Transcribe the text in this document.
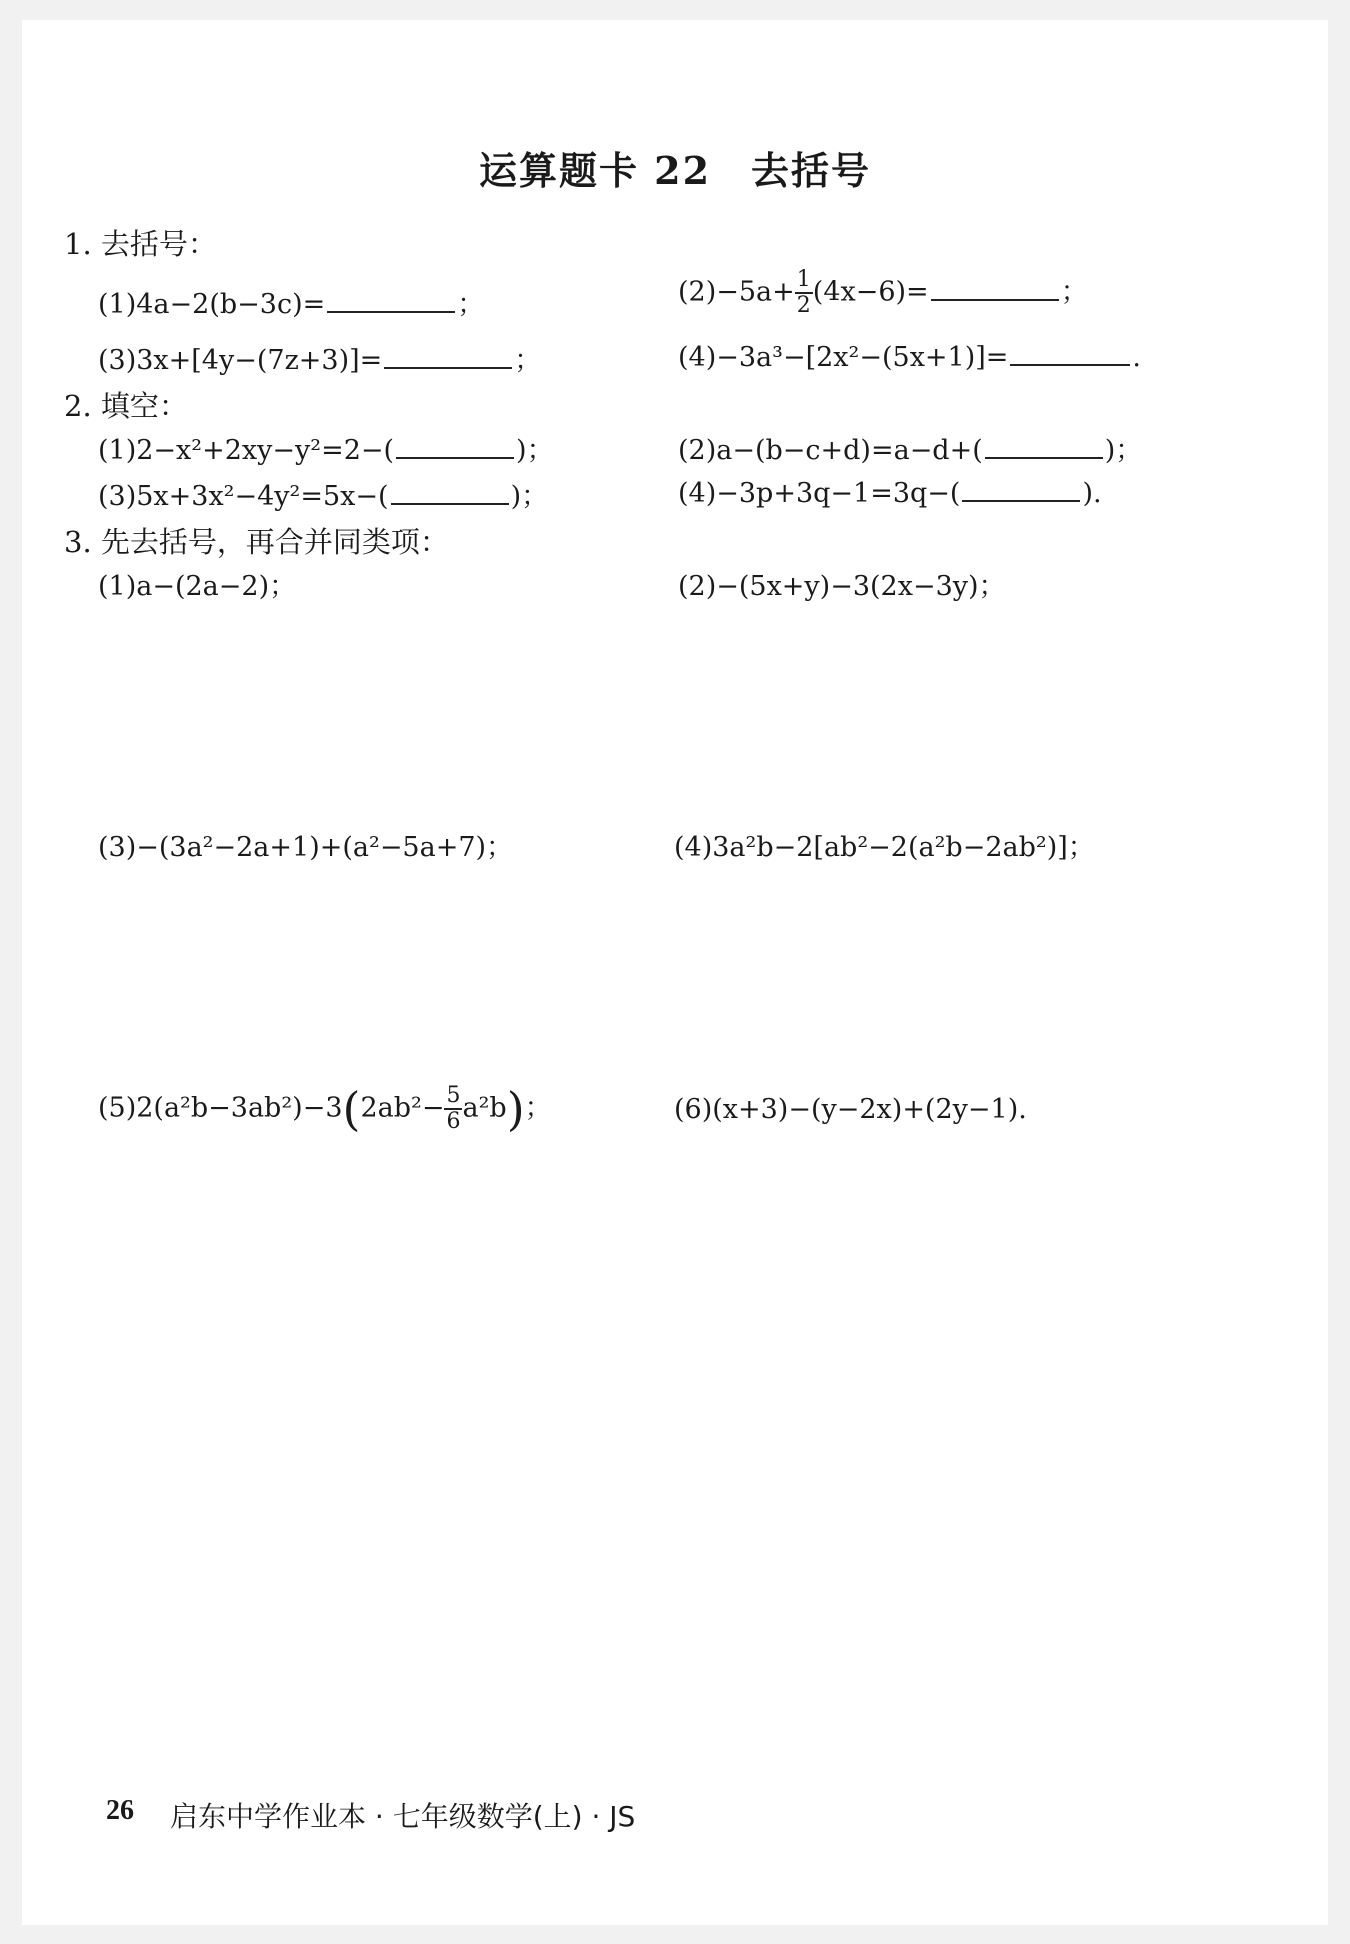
运算题卡 22　去括号
1. 去括号：
(1)4a−2(b−3c)=	；	$(2)-5a+ \frac{1}{2} (4x-6)=$	；
(3)3x+[4y−(7z+3)]=	；	(4)−3a³−[2x²−(5x+1)]=	.
2. 填空：
(1)2−x²+2xy−y²=2−(	)；	(2)a−(b−c+d)=a−d+(	)；
(3)5x+3x²−4y²=5x−(	)；	(4)−3p+3q−1=3q−(	).
3. 先去括号，再合并同类项：
(1)a−(2a−2)；	(2)−(5x+y)−3(2x−3y)；
(3)−(3a²−2a+1)+(a²−5a+7)；	(4)3a²b−2[ab²−2(a²b−2ab²)]；
$(5)2(a^2b-3ab^2)-3(2ab^2- \frac{5}{6} a^2b)$；	(6)(x+3)−(y−2x)+(2y−1).
26 启东中学作业本 · 七年级数学(上) · JS
